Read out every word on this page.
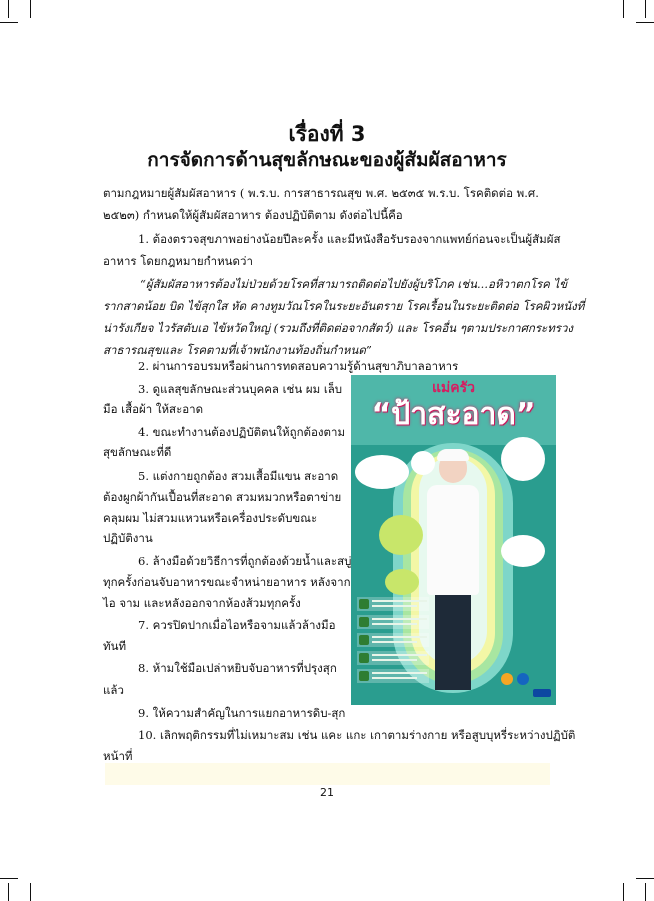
เรื่องที่ 3
การจัดการด้านสุขลักษณะของผู้สัมผัสอาหาร
ตามกฎหมายผู้สัมผัสอาหาร ( พ.ร.บ. การสาธารณสุข พ.ศ. ๒๕๓๕ พ.ร.บ. โรคติดต่อ พ.ศ.
๒๕๒๓) กำหนดให้ผู้สัมผัสอาหาร ต้องปฏิบัติตาม ดังต่อไปนี้คือ
1. ต้องตรวจสุขภาพอย่างน้อยปีละครั้ง และมีหนังสือรับรองจากแพทย์ก่อนจะเป็นผู้สัมผัส
อาหาร โดยกฎหมายกำหนดว่า
“ผู้สัมผัสอาหารต้องไม่ป่วยด้วยโรคที่สามารถติดต่อไปยังผู้บริโภค เช่น...อหิวาตกโรค ไข้
รากสาดน้อย บิด ไข้สุกใส หัด คางทูมวัณโรคในระยะอันตราย โรคเรื้อนในระยะติดต่อ โรคผิวหนังที่
น่ารังเกียจ ไวรัสตับเอ ไข้หวัดใหญ่ (รวมถึงที่ติดต่อจากสัตว์) และ โรคอื่น ๆตามประกาศกระทรวง
สาธารณสุขและ โรคตามที่เจ้าพนักงานท้องถิ่นกำหนด”
2. ผ่านการอบรมหรือผ่านการทดสอบความรู้ด้านสุขาภิบาลอาหาร
3. ดูแลสุขลักษณะส่วนบุคคล เช่น ผม เล็บ
มือ เสื้อผ้า ให้สะอาด
4. ขณะทำงานต้องปฏิบัติตนให้ถูกต้องตาม
สุขลักษณะที่ดี
5. แต่งกายถูกต้อง สวมเสื้อมีแขน สะอาด
ต้องผูกผ้ากันเปื้อนที่สะอาด สวมหมวกหรือตาข่าย
คลุมผม ไม่สวมแหวนหรือเครื่องประดับขณะ
ปฏิบัติงาน
6. ล้างมือด้วยวิธีการที่ถูกต้องด้วยน้ำและสบู่
ทุกครั้งก่อนจับอาหารขณะจำหน่ายอาหาร หลังจาก
ไอ จาม และหลังออกจากห้องส้วมทุกครั้ง
7. ควรปิดปากเมื่อไอหรือจามแล้วล้างมือ
ทันที
8. ห้ามใช้มือเปล่าหยิบจับอาหารที่ปรุงสุก
แล้ว
9. ให้ความสำคัญในการแยกอาหารดิบ-สุก
10. เลิกพฤติกรรมที่ไม่เหมาะสม เช่น แคะ แกะ เกาตามร่างกาย หรือสูบบุหรี่ระหว่างปฏิบัติ
หน้าที่
แม่ครัว
“ป้าสะอาด”
21
